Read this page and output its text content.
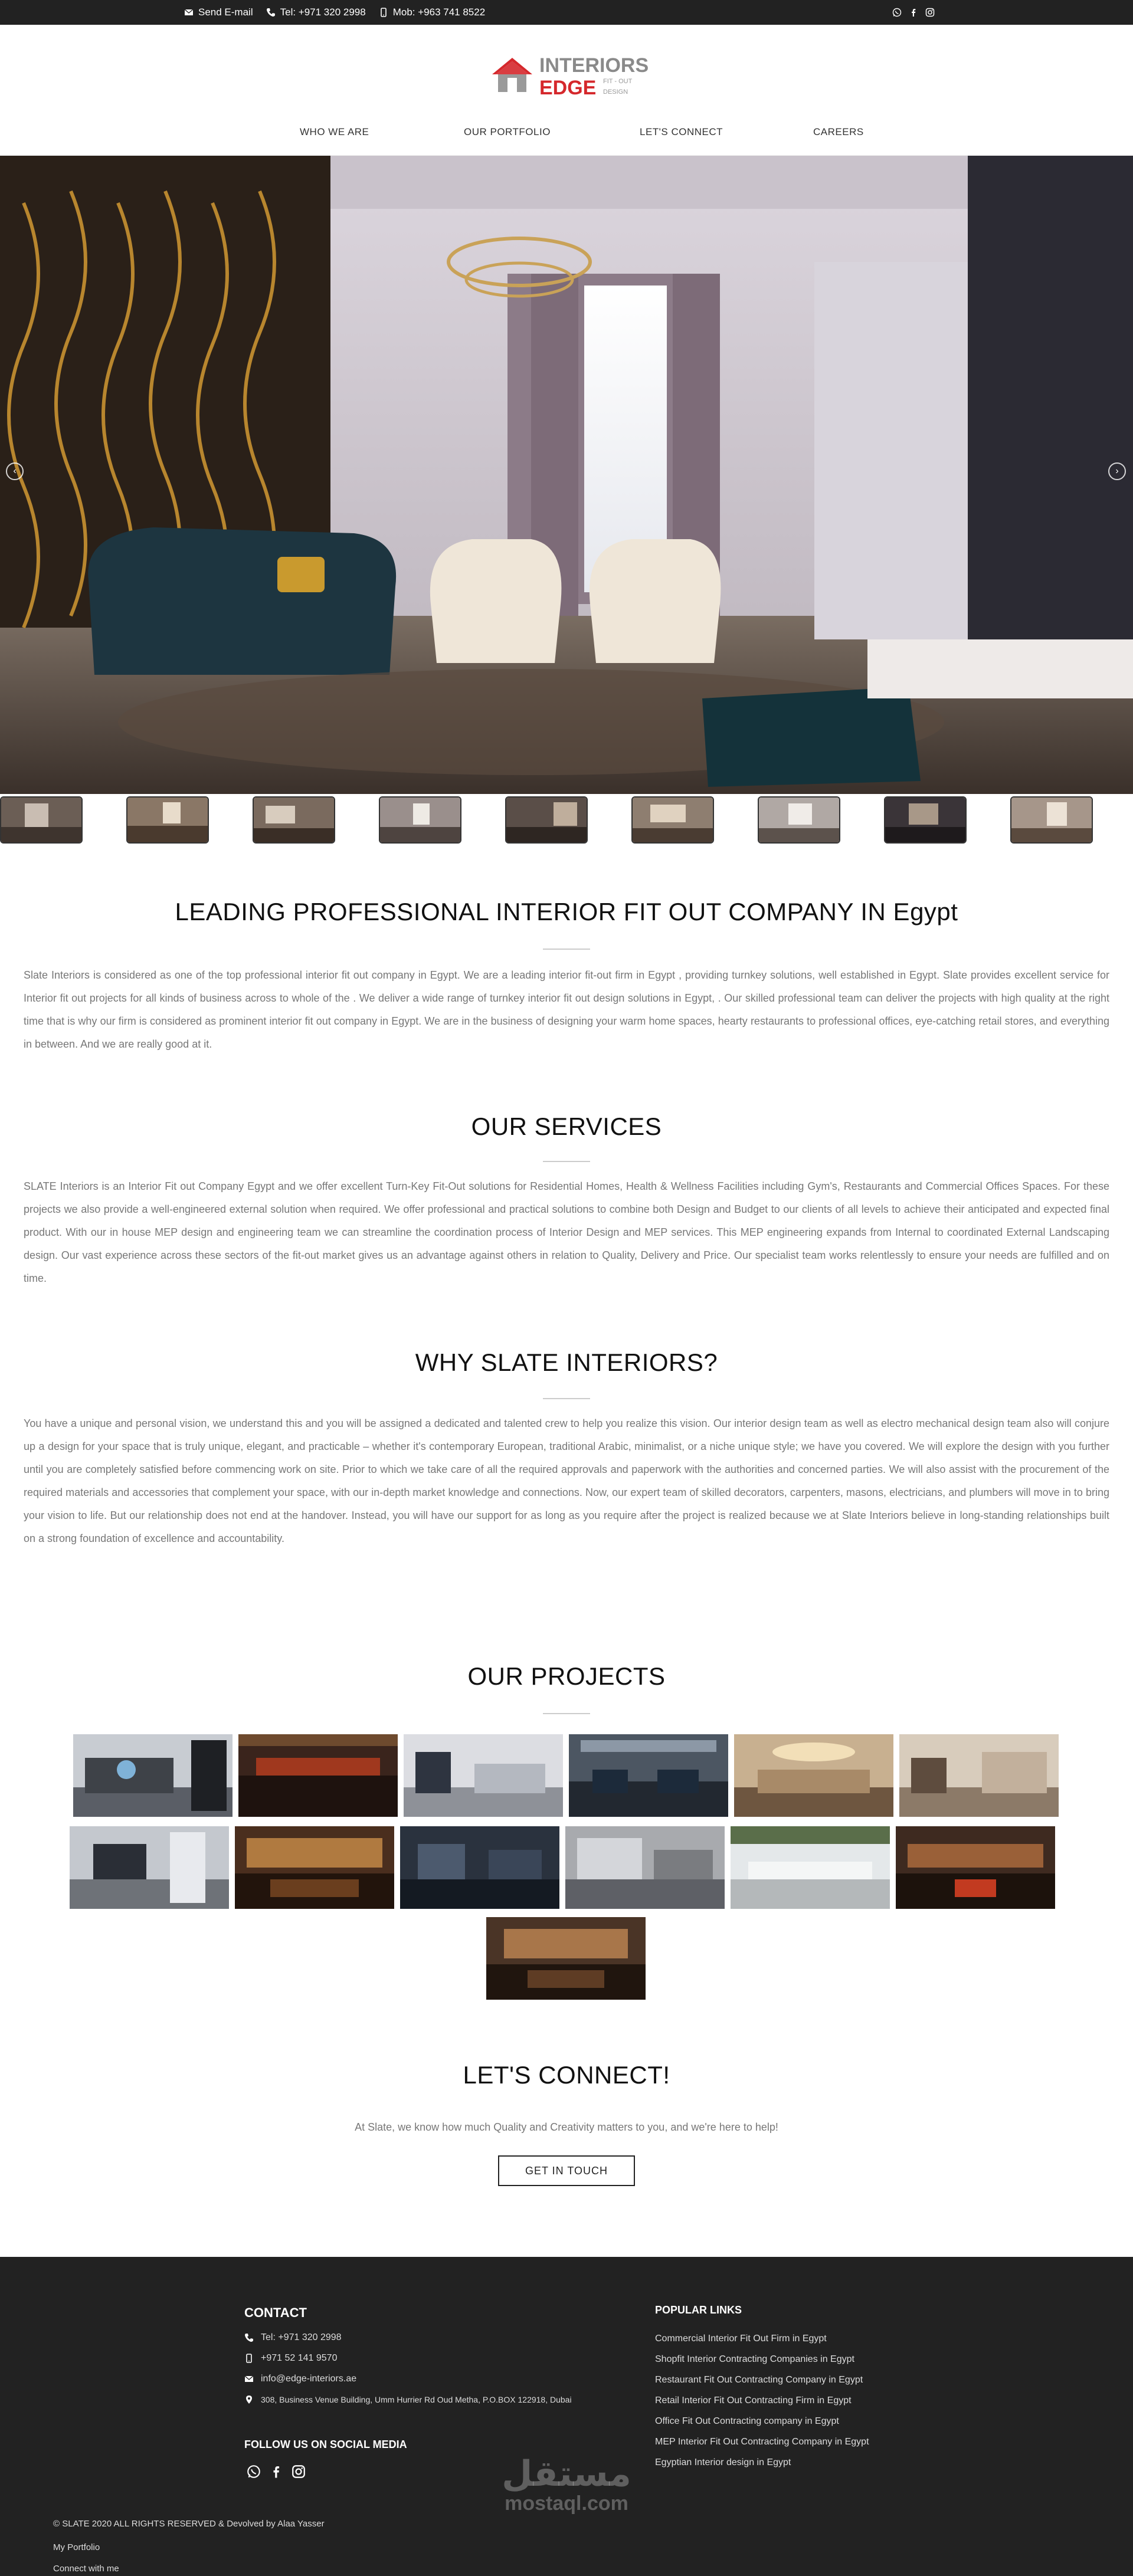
Send E-mail	Tel: +971 320 2998	Mob: +963 741 8522
INTERIORS
EDGE FIT - OUT
DESIGN
WHO WE ARE	OUR PORTFOLIO	LET'S CONNECT	CAREERS
‹	›
LEADING PROFESSIONAL INTERIOR FIT OUT COMPANY IN Egypt

Slate Interiors is considered as one of the top professional interior fit out company in Egypt. We are a leading interior fit-out firm in Egypt , providing turnkey solutions, well established in Egypt. Slate provides excellent service for Interior fit out projects for all kinds of business across to whole of the . We deliver a wide range of turnkey interior fit out design solutions in Egypt, . Our skilled professional team can deliver the projects with high quality at the right time that is why our firm is considered as prominent interior fit out company in Egypt. We are in the business of designing your warm home spaces, hearty restaurants to professional offices, eye-catching retail stores, and everything in between. And we are really good at it.

OUR SERVICES

SLATE Interiors is an Interior Fit out Company Egypt and we offer excellent Turn-Key Fit-Out solutions for Residential Homes, Health & Wellness Facilities including Gym's, Restaurants and Commercial Offices Spaces. For these projects we also provide a well-engineered external solution when required. We offer professional and practical solutions to combine both Design and Budget to our clients of all levels to achieve their anticipated and expected final product. With our in house MEP design and engineering team we can streamline the coordination process of Interior Design and MEP services. This MEP engineering expands from Internal to coordinated External Landscaping design. Our vast experience across these sectors of the fit-out market gives us an advantage against others in relation to Quality, Delivery and Price. Our specialist team works relentlessly to ensure your needs are fulfilled and on time.

WHY SLATE INTERIORS?

You have a unique and personal vision, we understand this and you will be assigned a dedicated and talented crew to help you realize this vision. Our interior design team as well as electro mechanical design team also will conjure up a design for your space that is truly unique, elegant, and practicable – whether it's contemporary European, traditional Arabic, minimalist, or a niche unique style; we have you covered. We will explore the design with you further until you are completely satisfied before commencing work on site. Prior to which we take care of all the required approvals and paperwork with the authorities and concerned parties. We will also assist with the procurement of the required materials and accessories that complement your space, with our in-depth market knowledge and connections. Now, our expert team of skilled decorators, carpenters, masons, electricians, and plumbers will move in to bring your vision to life. But our relationship does not end at the handover. Instead, you will have our support for as long as you require after the project is realized because we at Slate Interiors believe in long-standing relationships built on a strong foundation of excellence and accountability.

OUR PROJECTS
LET'S CONNECT!

At Slate, we know how much Quality and Creativity matters to you, and we're here to help!

GET IN TOUCH
CONTACT
Tel: +971 320 2998
+971 52 141 9570
info@edge-interiors.ae
308, Business Venue Building, Umm Hurrier Rd Oud Metha, P.O.BOX 122918, Dubai
FOLLOW US ON SOCIAL MEDIA
POPULAR LINKS
Commercial Interior Fit Out Firm in Egypt
Shopfit Interior Contracting Companies in Egypt
Restaurant Fit Out Contracting Company in Egypt
Retail Interior Fit Out Contracting Firm in Egypt
Office Fit Out Contracting company in Egypt
MEP Interior Fit Out Contracting Company in Egypt
Egyptian Interior design in Egypt
مستقل
mostaql.com
© SLATE 2020 ALL RIGHTS RESERVED & Devolved by Alaa Yasser
My Portfolio
Connect with me
